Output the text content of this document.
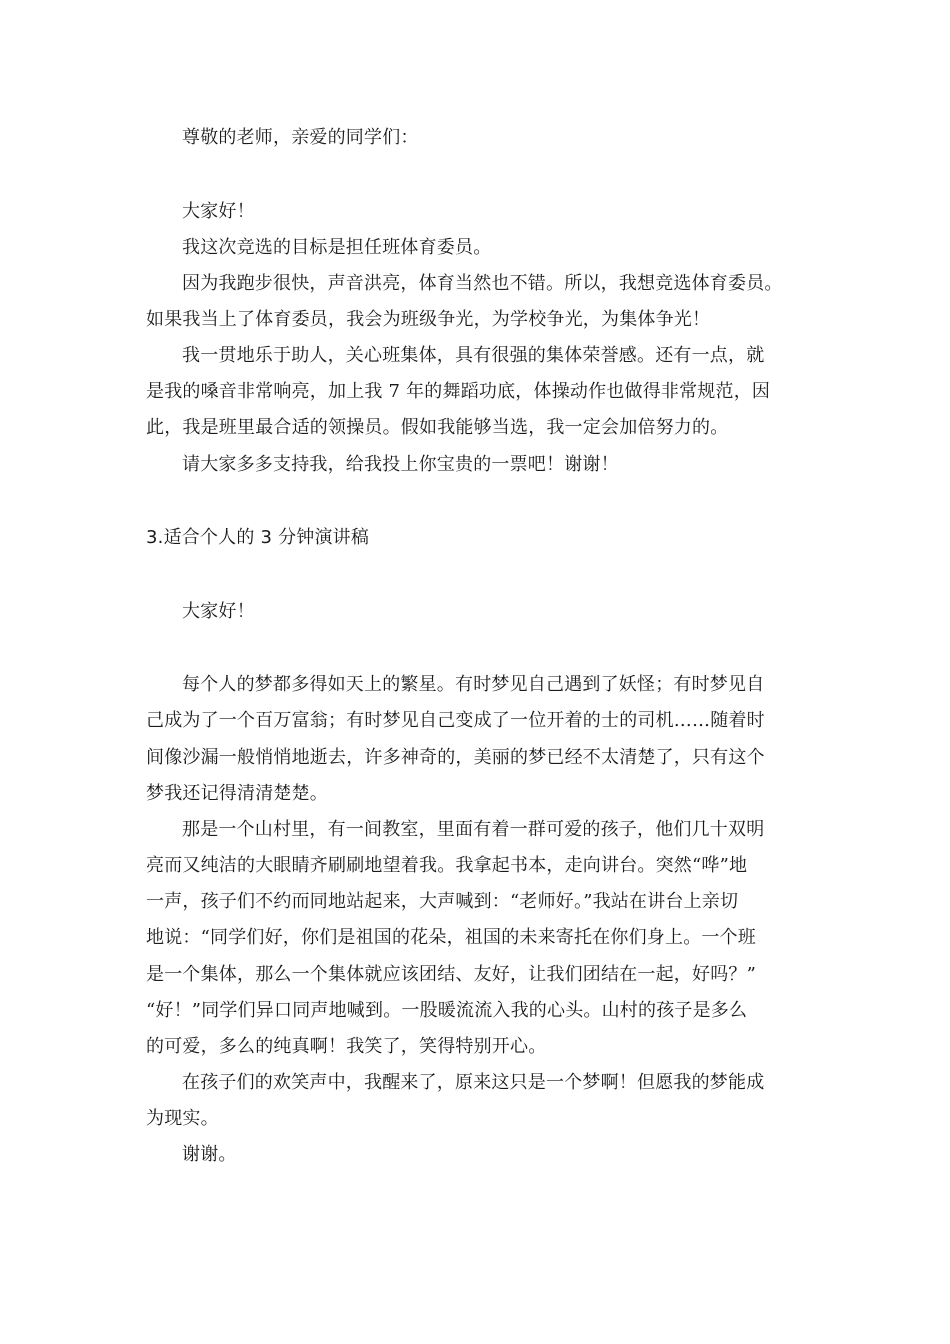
尊敬的老师，亲爱的同学们：

大家好！

我这次竞选的目标是担任班体育委员。

因为我跑步很快，声音洪亮，体育当然也不错。所以，我想竞选体育委员。

如果我当上了体育委员，我会为班级争光，为学校争光，为集体争光！

我一贯地乐于助人，关心班集体，具有很强的集体荣誉感。还有一点，就

是我的嗓音非常响亮，加上我 7 年的舞蹈功底，体操动作也做得非常规范，因

此，我是班里最合适的领操员。假如我能够当选，我一定会加倍努力的。

请大家多多支持我，给我投上你宝贵的一票吧！谢谢！

3.适合个人的 3 分钟演讲稿

大家好！

每个人的梦都多得如天上的繁星。有时梦见自己遇到了妖怪；有时梦见自

己成为了一个百万富翁；有时梦见自己变成了一位开着的士的司机……随着时

间像沙漏一般悄悄地逝去，许多神奇的，美丽的梦已经不太清楚了，只有这个

梦我还记得清清楚楚。

那是一个山村里，有一间教室，里面有着一群可爱的孩子，他们几十双明

亮而又纯洁的大眼睛齐刷刷地望着我。我拿起书本，走向讲台。突然“哗”地

一声，孩子们不约而同地站起来，大声喊到：“老师好。”我站在讲台上亲切

地说：“同学们好，你们是祖国的花朵，祖国的未来寄托在你们身上。一个班

是一个集体，那么一个集体就应该团结、友好，让我们团结在一起，好吗？”

“好！”同学们异口同声地喊到。一股暖流流入我的心头。山村的孩子是多么

的可爱，多么的纯真啊！我笑了，笑得特别开心。

在孩子们的欢笑声中，我醒来了，原来这只是一个梦啊！但愿我的梦能成

为现实。

谢谢。
